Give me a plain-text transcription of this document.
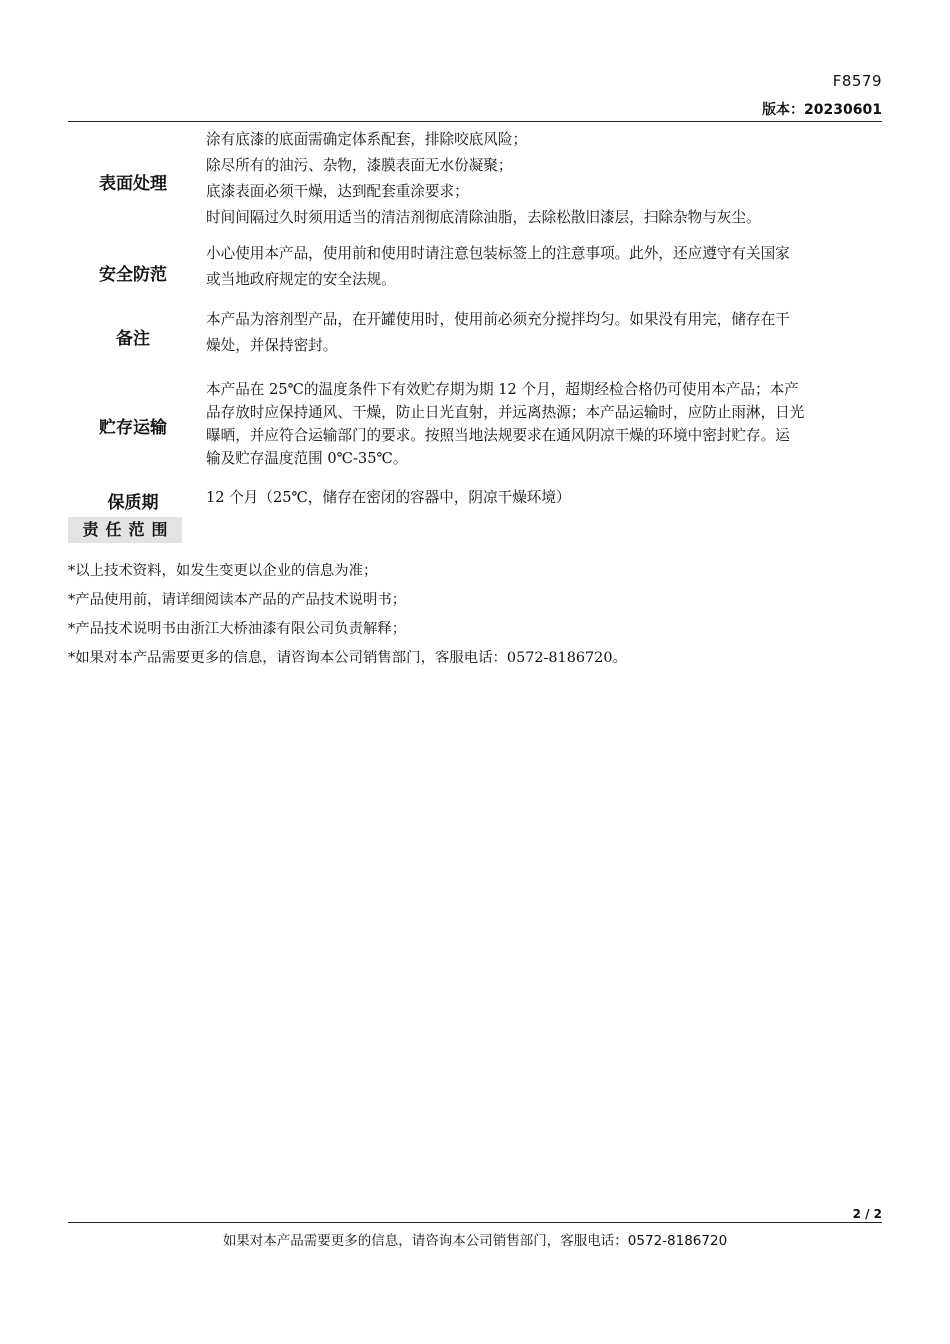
F8579
版本：20230601
表面处理
涂有底漆的底面需确定体系配套，排除咬底风险；
除尽所有的油污、杂物，漆膜表面无水份凝聚；
底漆表面必须干燥，达到配套重涂要求；
时间间隔过久时须用适当的清洁剂彻底清除油脂，去除松散旧漆层，扫除杂物与灰尘。
安全防范
小心使用本产品，使用前和使用时请注意包装标签上的注意事项。此外，还应遵守有关国家
或当地政府规定的安全法规。
备注
本产品为溶剂型产品，在开罐使用时，使用前必须充分搅拌均匀。如果没有用完，储存在干
燥处，并保持密封。
贮存运输
本产品在 25℃的温度条件下有效贮存期为期 12 个月，超期经检合格仍可使用本产品；本产
品存放时应保持通风、干燥，防止日光直射，并远离热源；本产品运输时，应防止雨淋，日光
曝晒，并应符合运输部门的要求。按照当地法规要求在通风阴凉干燥的环境中密封贮存。运
输及贮存温度范围 0℃-35℃。
保质期	12 个月（25℃，储存在密闭的容器中，阴凉干燥环境）
责任范围
*以上技术资料，如发生变更以企业的信息为准；
*产品使用前，请详细阅读本产品的产品技术说明书；
*产品技术说明书由浙江大桥油漆有限公司负责解释；
*如果对本产品需要更多的信息，请咨询本公司销售部门，客服电话：0572-8186720。
2 / 2
如果对本产品需要更多的信息，请咨询本公司销售部门，客服电话：0572-8186720
